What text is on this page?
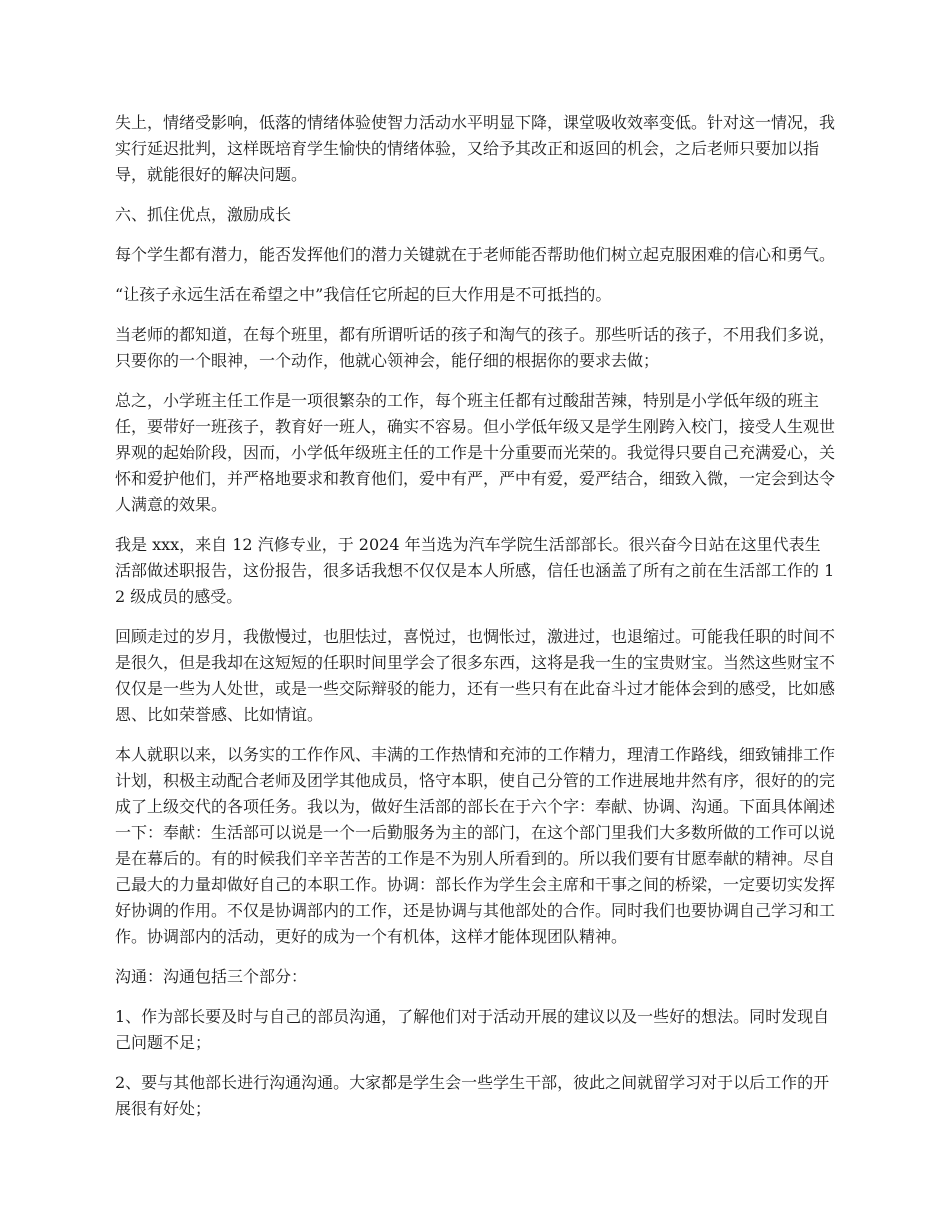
失上，情绪受影响，低落的情绪体验使智力活动水平明显下降，课堂吸收效率变低。针对这一情况，我实行延迟批判，这样既培育学生愉快的情绪体验，又给予其改正和返回的机会，之后老师只要加以指导，就能很好的解决问题。

六、抓住优点，激励成长

每个学生都有潜力，能否发挥他们的潜力关键就在于老师能否帮助他们树立起克服困难的信心和勇气。

“让孩子永远生活在希望之中”我信任它所起的巨大作用是不可抵挡的。

当老师的都知道，在每个班里，都有所谓听话的孩子和淘气的孩子。那些听话的孩子，不用我们多说，只要你的一个眼神，一个动作，他就心领神会，能仔细的根据你的要求去做；

总之，小学班主任工作是一项很繁杂的工作，每个班主任都有过酸甜苦辣，特别是小学低年级的班主任，要带好一班孩子，教育好一班人，确实不容易。但小学低年级又是学生刚跨入校门，接受人生观世界观的起始阶段，因而，小学低年级班主任的工作是十分重要而光荣的。我觉得只要自己充满爱心，关怀和爱护他们，并严格地要求和教育他们，爱中有严，严中有爱，爱严结合，细致入微，一定会到达令人满意的效果。

我是 xxx，来自 12 汽修专业，于 2024 年当选为汽车学院生活部部长。很兴奋今日站在这里代表生活部做述职报告，这份报告，很多话我想不仅仅是本人所感，信任也涵盖了所有之前在生活部工作的 12 级成员的感受。

回顾走过的岁月，我傲慢过，也胆怯过，喜悦过，也惆怅过，激进过，也退缩过。可能我任职的时间不是很久，但是我却在这短短的任职时间里学会了很多东西，这将是我一生的宝贵财宝。当然这些财宝不仅仅是一些为人处世，或是一些交际辩驳的能力，还有一些只有在此奋斗过才能体会到的感受，比如感恩、比如荣誉感、比如情谊。

本人就职以来，以务实的工作作风、丰满的工作热情和充沛的工作精力，理清工作路线，细致铺排工作计划，积极主动配合老师及团学其他成员，恪守本职，使自己分管的工作进展地井然有序，很好的的完成了上级交代的各项任务。我以为，做好生活部的部长在于六个字：奉献、协调、沟通。下面具体阐述一下：奉献：生活部可以说是一个一后勤服务为主的部门，在这个部门里我们大多数所做的工作可以说是在幕后的。有的时候我们辛辛苦苦的工作是不为别人所看到的。所以我们要有甘愿奉献的精神。尽自己最大的力量却做好自己的本职工作。协调：部长作为学生会主席和干事之间的桥梁，一定要切实发挥好协调的作用。不仅是协调部内的工作，还是协调与其他部处的合作。同时我们也要协调自己学习和工作。协调部内的活动，更好的成为一个有机体，这样才能体现团队精神。

沟通：沟通包括三个部分：

1、作为部长要及时与自己的部员沟通，了解他们对于活动开展的建议以及一些好的想法。同时发现自己问题不足；

2、要与其他部长进行沟通沟通。大家都是学生会一些学生干部，彼此之间就留学习对于以后工作的开展很有好处；
